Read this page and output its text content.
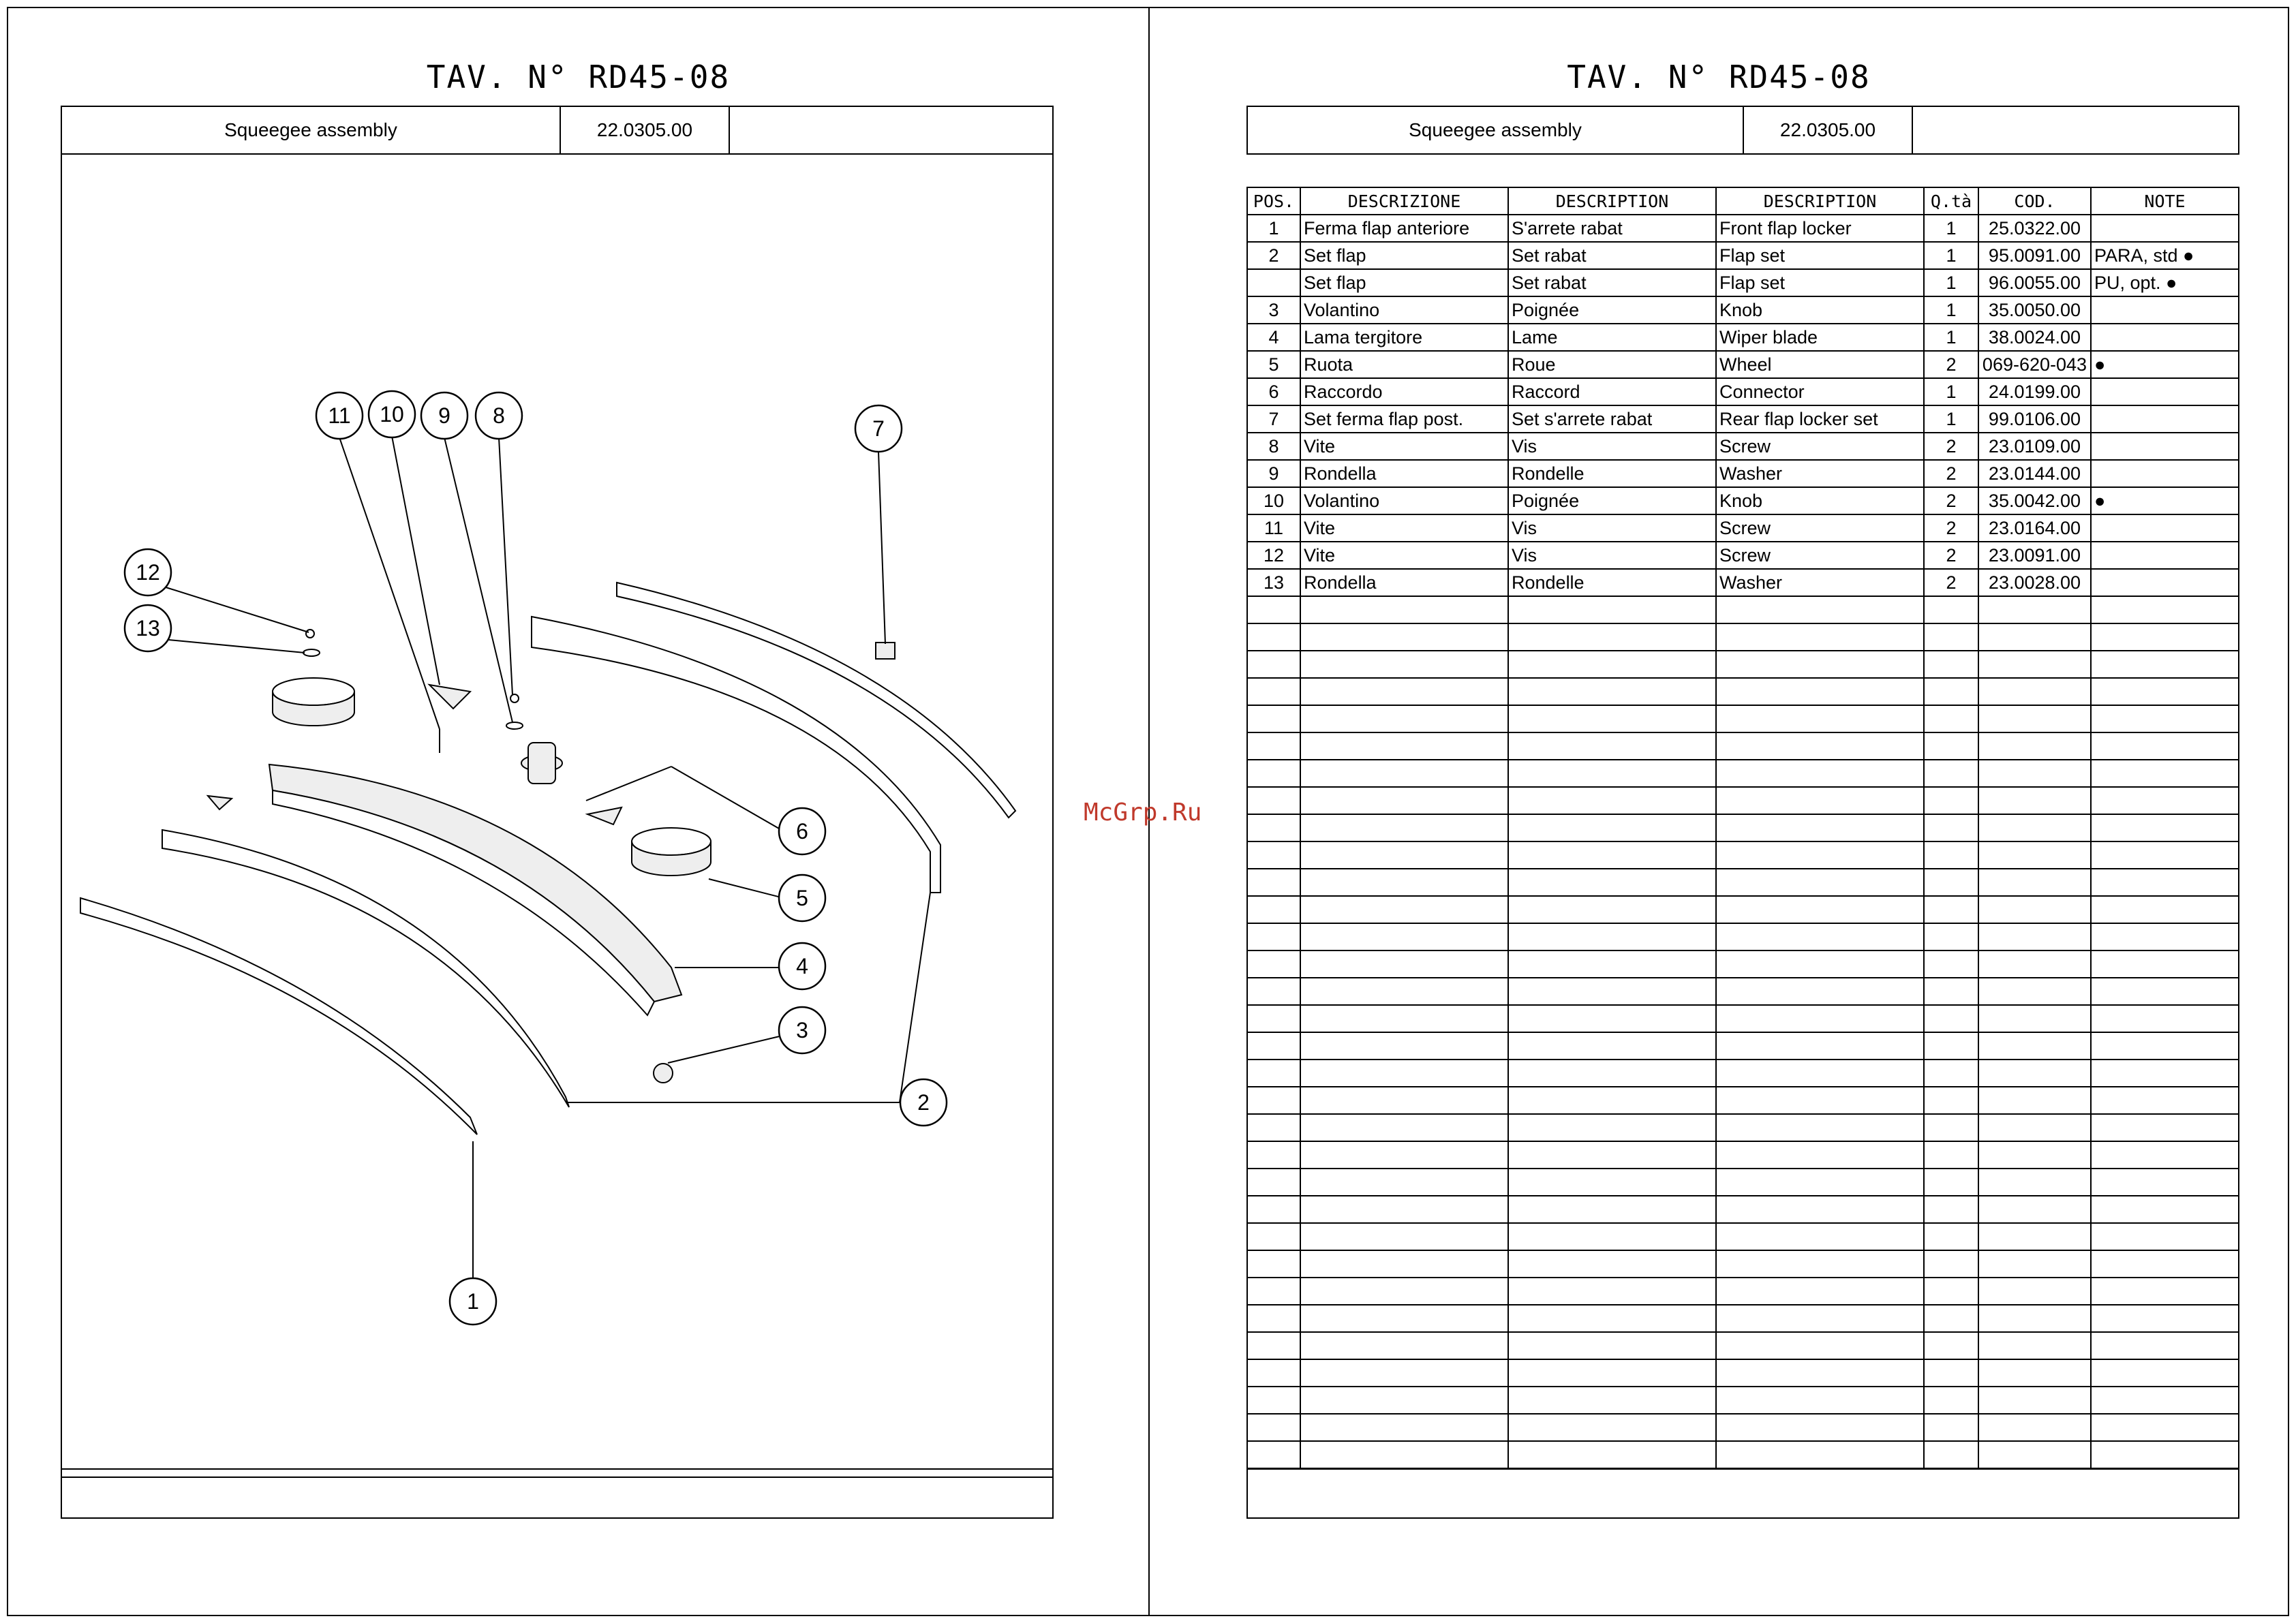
TAV. N° RD45-08
Squeegee assembly	22.0305.00
1
2
3
4
5
6
7
8
9
10
11
12
13
TAV. N° RD45-08
Squeegee assembly	22.0305.00
POS.	DESCRIZIONE	DESCRIPTION	DESCRIPTION	Q.tà	COD.	NOTE
1	Ferma flap anteriore	S'arrete rabat	Front flap locker	1	25.0322.00	
2	Set flap	Set rabat	Flap set	1	95.0091.00	PARA, std ●
	Set flap	Set rabat	Flap set	1	96.0055.00	PU, opt. ●
3	Volantino	Poignée	Knob	1	35.0050.00	
4	Lama tergitore	Lame	Wiper blade	1	38.0024.00	
5	Ruota	Roue	Wheel	2	069-620-043	●
6	Raccordo	Raccord	Connector	1	24.0199.00	
7	Set ferma flap post.	Set s'arrete rabat	Rear flap locker set	1	99.0106.00	
8	Vite	Vis	Screw	2	23.0109.00	
9	Rondella	Rondelle	Washer	2	23.0144.00	
10	Volantino	Poignée	Knob	2	35.0042.00	●
11	Vite	Vis	Screw	2	23.0164.00	
12	Vite	Vis	Screw	2	23.0091.00	
13	Rondella	Rondelle	Washer	2	23.0028.00	

McGrp.Ru
